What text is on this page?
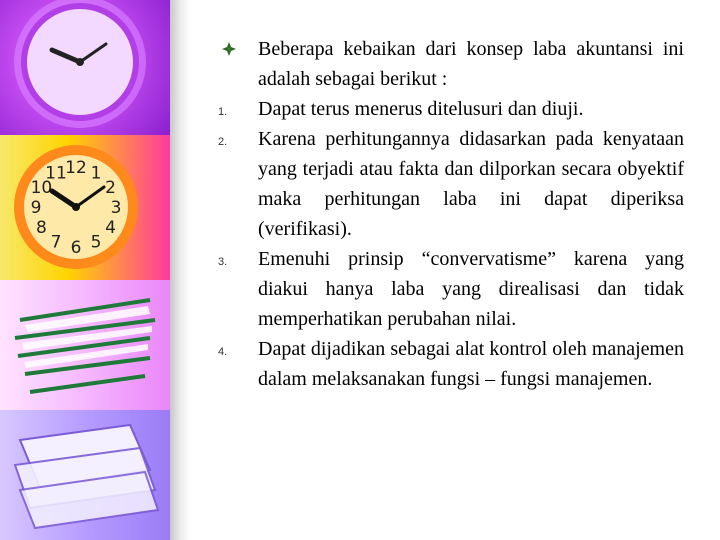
12 1
2
3
4
5
6
7
8
9
10
11
Beberapa kebaikan dari konsep laba akuntansi ini adalah sebagai berikut :
1.	Dapat terus menerus ditelusuri dan diuji.
2.	Karena perhitungannya didasarkan pada kenyataan yang terjadi atau fakta dan dilporkan secara obyektif maka perhitungan laba ini dapat diperiksa (verifikasi).
3.	Emenuhi prinsip “convervatisme” karena yang diakui hanya laba yang direalisasi dan tidak memperhatikan perubahan nilai.
4.	Dapat dijadikan sebagai alat kontrol oleh manajemen dalam melaksanakan fungsi – fungsi manajemen.
